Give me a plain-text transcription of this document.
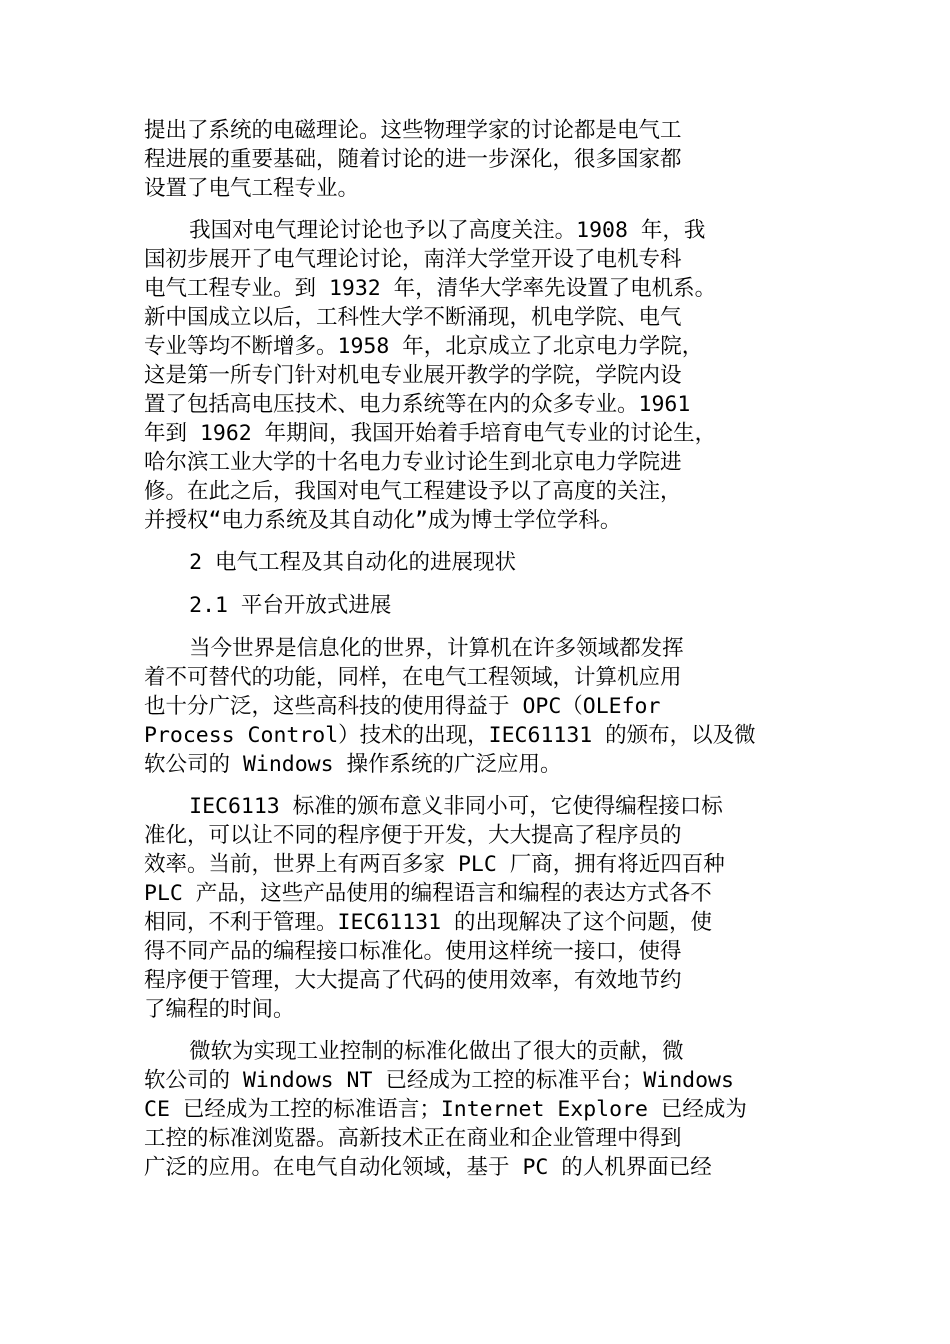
提出了系统的电磁理论。这些物理学家的讨论都是电气工
程进展的重要基础，随着讨论的进一步深化，很多国家都
设置了电气工程专业。
我国对电气理论讨论也予以了高度关注。1908 年，我
国初步展开了电气理论讨论，南洋大学堂开设了电机专科
电气工程专业。到 1932 年，清华大学率先设置了电机系。
新中国成立以后，工科性大学不断涌现，机电学院、电气
专业等均不断增多。1958 年，北京成立了北京电力学院，
这是第一所专门针对机电专业展开教学的学院，学院内设
置了包括高电压技术、电力系统等在内的众多专业。1961
年到 1962 年期间，我国开始着手培育电气专业的讨论生，
哈尔滨工业大学的十名电力专业讨论生到北京电力学院进
修。在此之后，我国对电气工程建设予以了高度的关注，
并授权“电力系统及其自动化”成为博士学位学科。
2 电气工程及其自动化的进展现状
2.1 平台开放式进展
当今世界是信息化的世界，计算机在许多领域都发挥
着不可替代的功能，同样，在电气工程领域，计算机应用
也十分广泛，这些高科技的使用得益于 OPC（OLEfor
Process Control）技术的出现，IEC61131 的颁布，以及微
软公司的 Windows 操作系统的广泛应用。
IEC6113 标准的颁布意义非同小可，它使得编程接口标
准化，可以让不同的程序便于开发，大大提高了程序员的
效率。当前，世界上有两百多家 PLC 厂商，拥有将近四百种
PLC 产品，这些产品使用的编程语言和编程的表达方式各不
相同，不利于管理。IEC61131 的出现解决了这个问题，使
得不同产品的编程接口标准化。使用这样统一接口，使得
程序便于管理，大大提高了代码的使用效率，有效地节约
了编程的时间。
微软为实现工业控制的标准化做出了很大的贡献，微
软公司的 Windows NT 已经成为工控的标准平台；Windows
CE 已经成为工控的标准语言；Internet Explore 已经成为
工控的标准浏览器。高新技术正在商业和企业管理中得到
广泛的应用。在电气自动化领域，基于 PC 的人机界面已经
